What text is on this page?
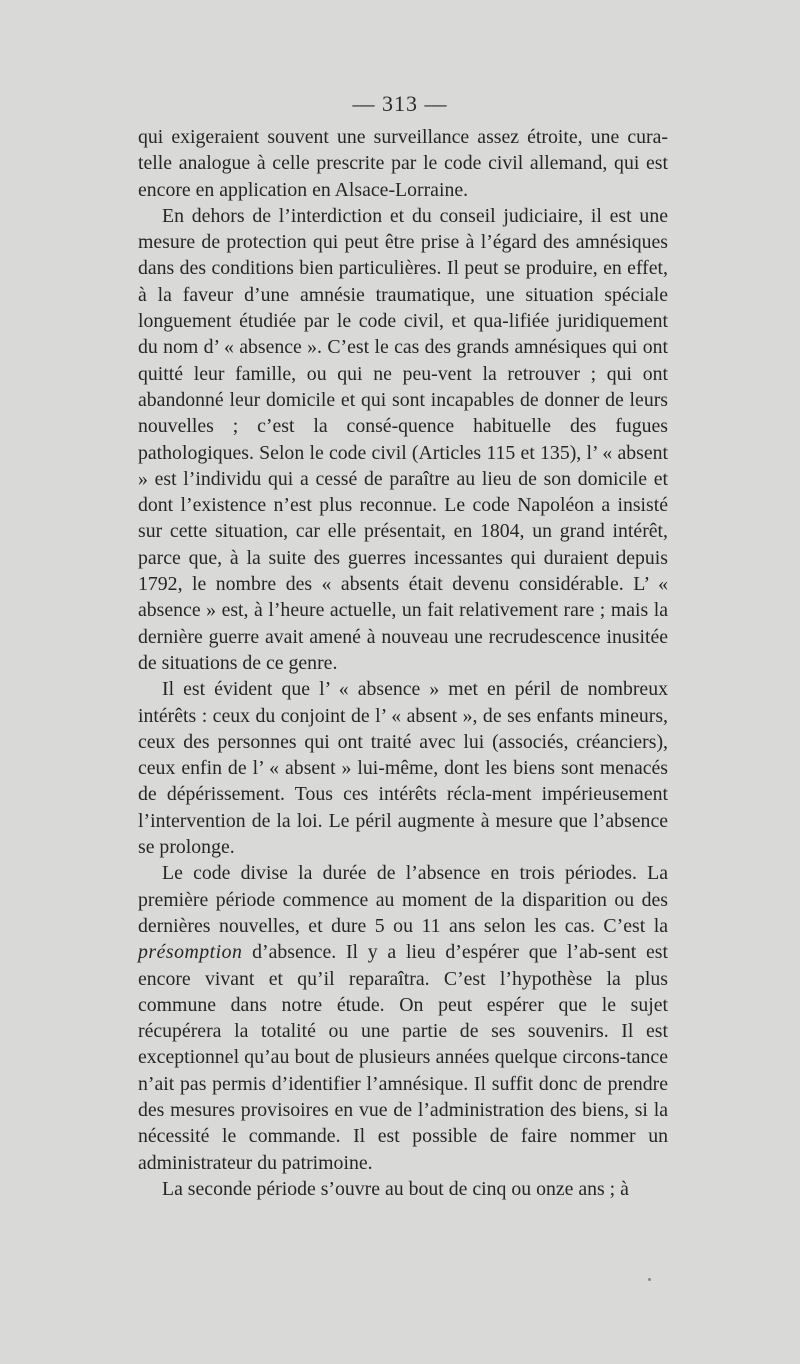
— 313 —

qui exigeraient souvent une surveillance assez étroite, une cura-telle analogue à celle prescrite par le code civil allemand, qui est encore en application en Alsace-Lorraine.

En dehors de l’interdiction et du conseil judiciaire, il est une mesure de protection qui peut être prise à l’égard des amnésiques dans des conditions bien particulières. Il peut se produire, en effet, à la faveur d’une amnésie traumatique, une situation spéciale longuement étudiée par le code civil, et qua-lifiée juridiquement du nom d’ « absence ». C’est le cas des grands amnésiques qui ont quitté leur famille, ou qui ne peu-vent la retrouver ; qui ont abandonné leur domicile et qui sont incapables de donner de leurs nouvelles ; c’est la consé-quence habituelle des fugues pathologiques. Selon le code civil (Articles 115 et 135), l’ « absent » est l’individu qui a cessé de paraître au lieu de son domicile et dont l’existence n’est plus reconnue. Le code Napoléon a insisté sur cette situation, car elle présentait, en 1804, un grand intérêt, parce que, à la suite des guerres incessantes qui duraient depuis 1792, le nombre des « absents était devenu considérable. L’ « absence » est, à l’heure actuelle, un fait relativement rare ; mais la dernière guerre avait amené à nouveau une recrudescence inusitée de situations de ce genre.

Il est évident que l’ « absence » met en péril de nombreux intérêts : ceux du conjoint de l’ « absent », de ses enfants mineurs, ceux des personnes qui ont traité avec lui (associés, créanciers), ceux enfin de l’ « absent » lui-même, dont les biens sont menacés de dépérissement. Tous ces intérêts récla-ment impérieusement l’intervention de la loi. Le péril augmente à mesure que l’absence se prolonge.

Le code divise la durée de l’absence en trois périodes. La première période commence au moment de la disparition ou des dernières nouvelles, et dure 5 ou 11 ans selon les cas. C’est la présomption d’absence. Il y a lieu d’espérer que l’ab-sent est encore vivant et qu’il reparaîtra. C’est l’hypothèse la plus commune dans notre étude. On peut espérer que le sujet récupérera la totalité ou une partie de ses souvenirs. Il est exceptionnel qu’au bout de plusieurs années quelque circons-tance n’ait pas permis d’identifier l’amnésique. Il suffit donc de prendre des mesures provisoires en vue de l’administration des biens, si la nécessité le commande. Il est possible de faire nommer un administrateur du patrimoine.

La seconde période s’ouvre au bout de cinq ou onze ans ; à
